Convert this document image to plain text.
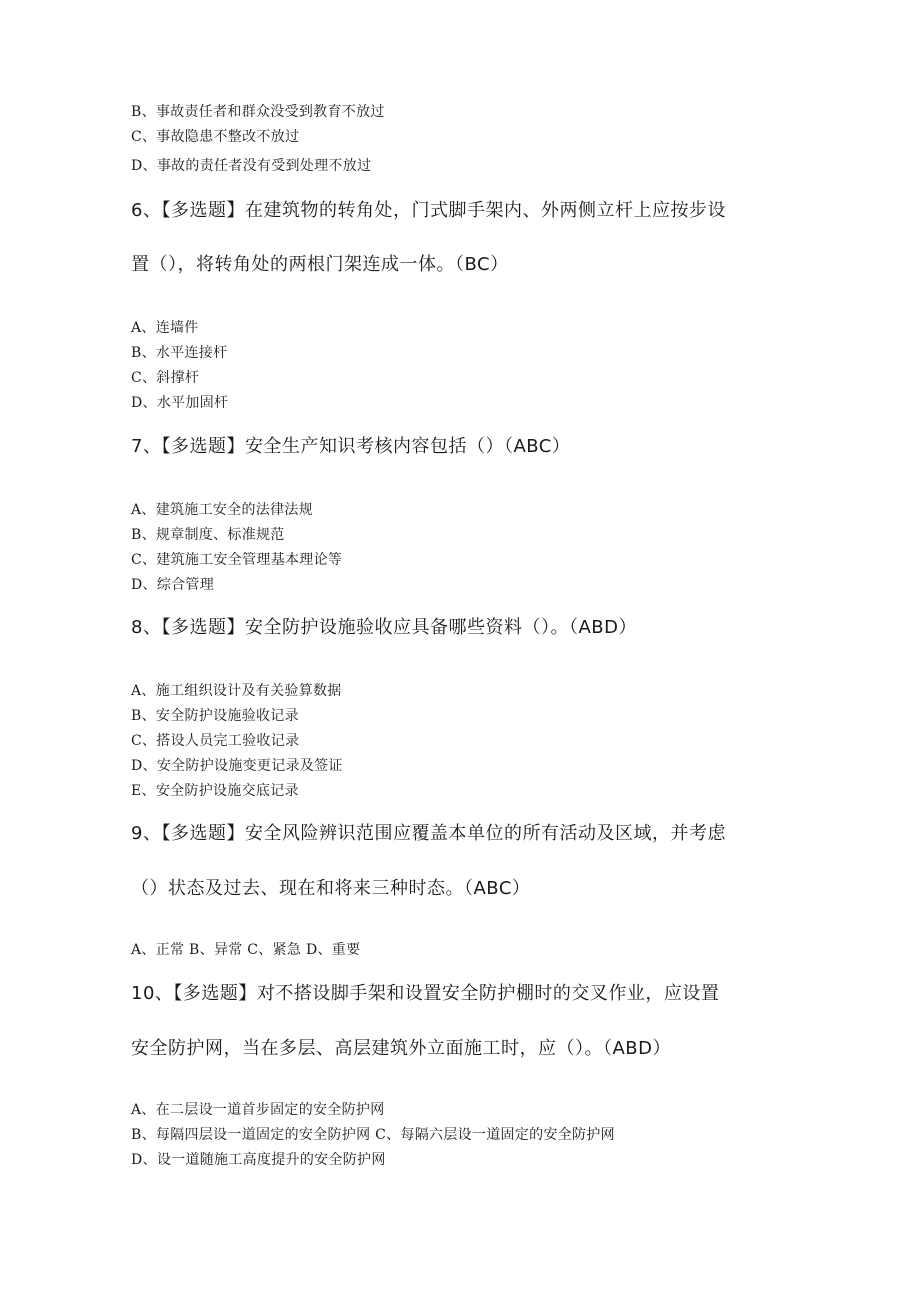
B、事故责任者和群众没受到教育不放过
C、事故隐患不整改不放过
D、事故的责任者没有受到处理不放过
6、【多选题】在建筑物的转角处，门式脚手架内、外两侧立杆上应按步设
置（），将转角处的两根门架连成一体。（BC）
A、连墙件
B、水平连接杆
C、斜撑杆
D、水平加固杆
7、【多选题】安全生产知识考核内容包括（）（ABC）
A、建筑施工安全的法律法规
B、规章制度、标准规范
C、建筑施工安全管理基本理论等
D、综合管理
8、【多选题】安全防护设施验收应具备哪些资料（）。（ABD）
A、施工组织设计及有关验算数据
B、安全防护设施验收记录
C、搭设人员完工验收记录
D、安全防护设施变更记录及签证
E、安全防护设施交底记录
9、【多选题】安全风险辨识范围应覆盖本单位的所有活动及区域，并考虑
（）状态及过去、现在和将来三种时态。（ABC）
A、正常 B、异常 C、紧急 D、重要
10、【多选题】对不搭设脚手架和设置安全防护棚时的交叉作业，应设置
安全防护网，当在多层、高层建筑外立面施工时，应（）。（ABD）
A、在二层设一道首步固定的安全防护网
B、每隔四层设一道固定的安全防护网 C、每隔六层设一道固定的安全防护网
D、设一道随施工高度提升的安全防护网
